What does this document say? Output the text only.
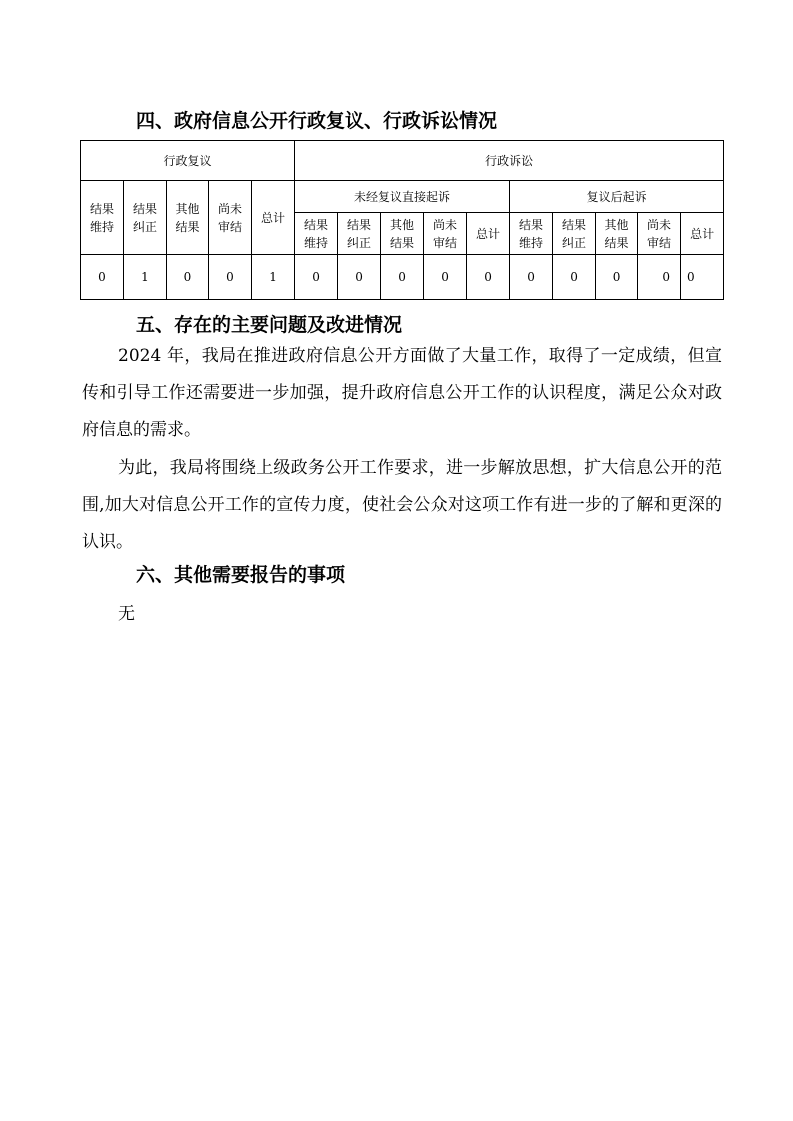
四、政府信息公开行政复议、行政诉讼情况
行政复议					行政诉讼									
结果维持	结果纠正	其他结果	尚未审结	总计	未经复议直接起诉					复议后起诉				
					结果维持	结果纠正	其他结果	尚未审结	总计	结果维持	结果纠正	其他结果	尚未审结	总计
0	1	0	0	1	0	0	0	0	0	0	0	0	0	0
五、存在的主要问题及改进情况

2024 年，我局在推进政府信息公开方面做了大量工作，取得了一定成绩，但宣传和引导工作还需要进一步加强，提升政府信息公开工作的认识程度，满足公众对政府信息的需求。

为此，我局将围绕上级政务公开工作要求，进一步解放思想，扩大信息公开的范围,加大对信息公开工作的宣传力度，使社会公众对这项工作有进一步的了解和更深的认识。

六、其他需要报告的事项

无
